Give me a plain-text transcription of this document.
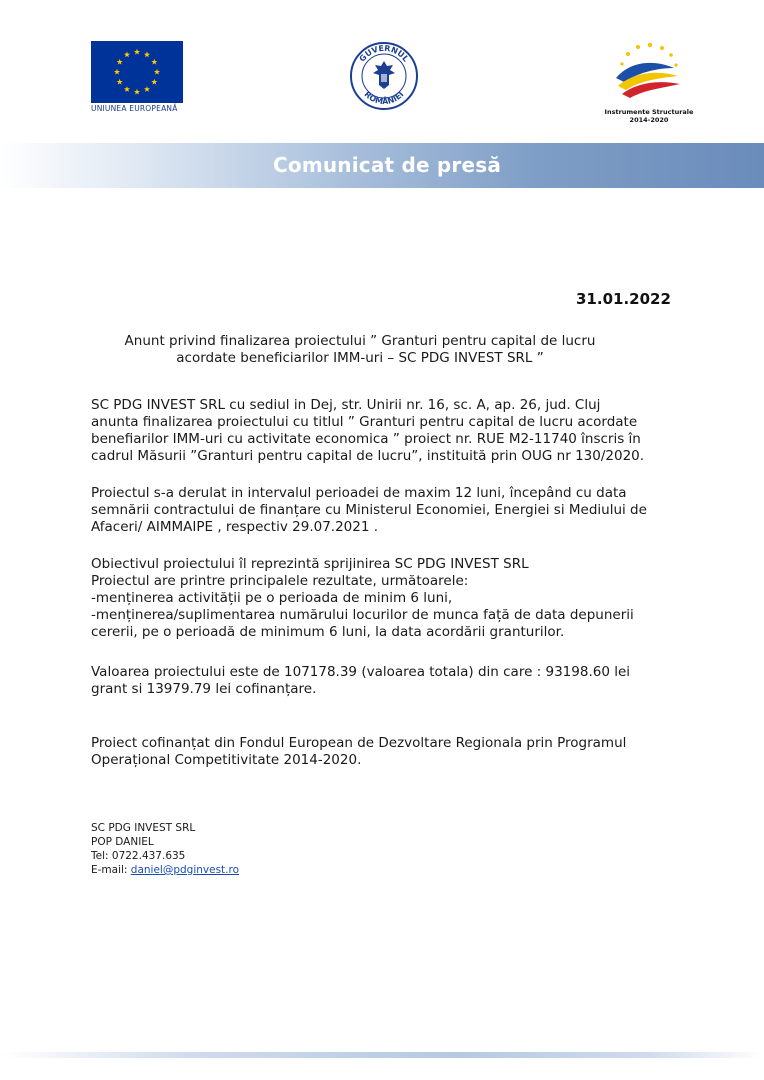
UNIUNEA EUROPEANĂ
GUVERNUL
ROMÂNIEI
Instrumente Structurale
2014-2020
Comunicat de presă
31.01.2022
Anunt privind finalizarea proiectului ” Granturi pentru capital de lucru
acordate beneficiarilor IMM-uri – SC PDG INVEST SRL ”
SC PDG INVEST SRL cu sediul in Dej, str. Unirii nr. 16, sc. A, ap. 26, jud. Cluj
anunta finalizarea proiectului cu titlul ” Granturi pentru capital de lucru acordate
benefiarilor IMM-uri cu activitate economica ” proiect nr. RUE M2-11740 înscris în
cadrul Măsurii ”Granturi pentru capital de lucru”, instituită prin OUG nr 130/2020.
Proiectul s-a derulat in intervalul perioadei de maxim 12 luni, începând cu data
semnării contractului de finanțare cu Ministerul Economiei, Energiei si Mediului de
Afaceri/ AIMMAIPE , respectiv 29.07.2021 .
Obiectivul proiectului îl reprezintă sprijinirea SC PDG INVEST SRL
Proiectul are printre principalele rezultate, următoarele:
-menținerea activității pe o perioada de minim 6 luni,
-menținerea/suplimentarea numărului locurilor de munca față de data depunerii
cererii, pe o perioadă de minimum 6 luni, la data acordării granturilor.
Valoarea proiectului este de 107178.39 (valoarea totala) din care : 93198.60 lei
grant si 13979.79 lei cofinanțare.
Proiect cofinanțat din Fondul European de Dezvoltare Regionala prin Programul
Operațional Competitivitate 2014-2020.
SC PDG INVEST SRL
POP DANIEL
Tel: 0722.437.635
E-mail: daniel@pdginvest.ro
